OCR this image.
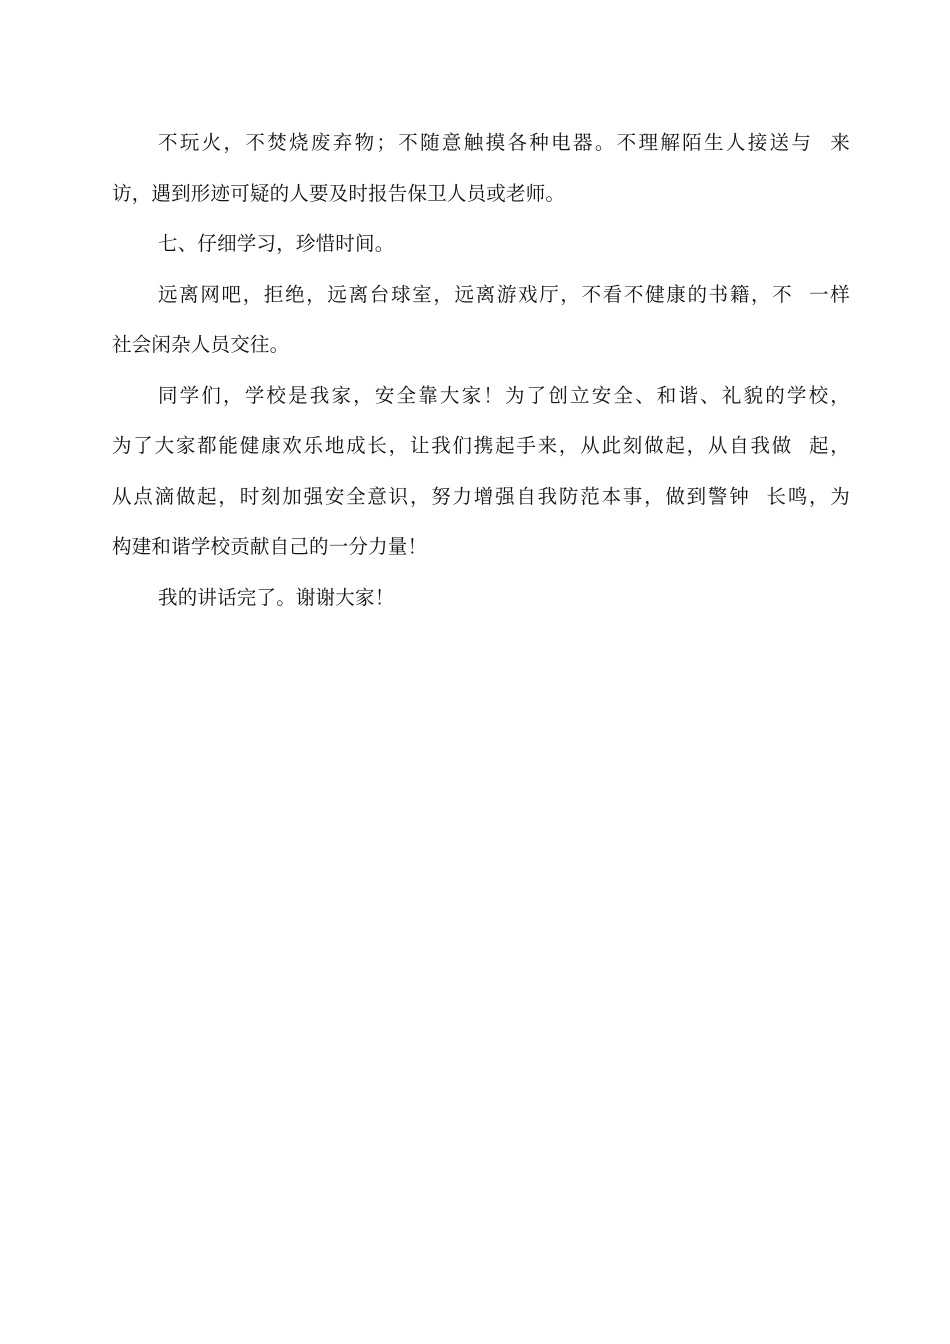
不玩火，不焚烧废弃物；不随意触摸各种电器。不理解陌生人接送与  来
访，遇到形迹可疑的人要及时报告保卫人员或老师。
七、仔细学习，珍惜时间。
远离网吧，拒绝，远离台球室，远离游戏厅，不看不健康的书籍，不  一样
社会闲杂人员交往。
同学们，学校是我家，安全靠大家！为了创立安全、和谐、礼貌的学校，
为了大家都能健康欢乐地成长，让我们携起手来，从此刻做起，从自我做  起，
从点滴做起，时刻加强安全意识，努力增强自我防范本事，做到警钟  长鸣，为
构建和谐学校贡献自己的一分力量！
我的讲话完了。谢谢大家！
